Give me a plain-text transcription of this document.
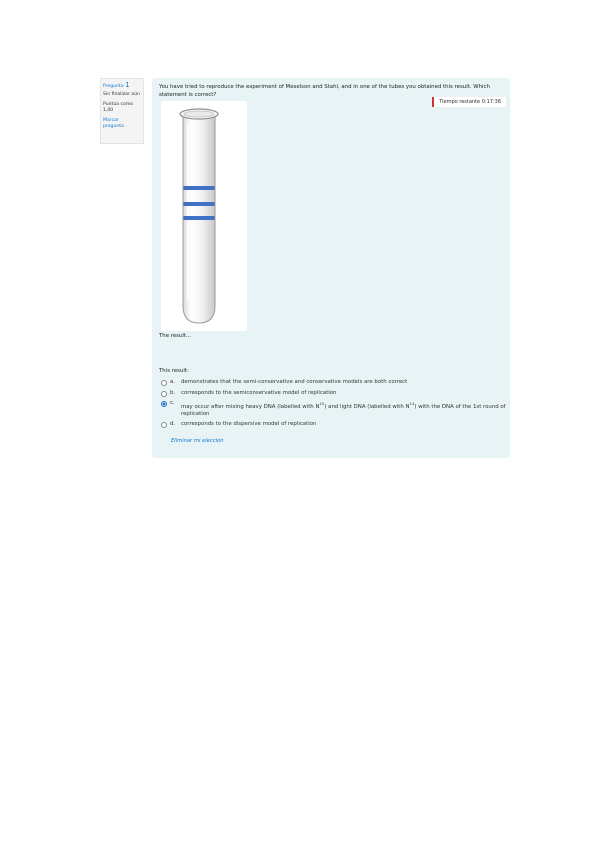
Pregunta 1
Sin finalizar aún
Puntúa como 1,00
Marcar pregunta
You have tried to reproduce the experiment of Meselson and Stahl, and in one of the tubes you obtained this result. Which statement is correct?
Tiempo restante 0:17:36
The result...
This result:
a. demonstrates that the semi-conservative and conservative models are both correct
b. corresponds to the semiconservative model of replication
c.
may occur after mixing heavy DNA (labelled with $N^{15}$) and light DNA (labelled with $N^{14}$) with the DNA of the 1st round of replication
d. corresponds to the dispersive model of replication
Eliminar mi elección
